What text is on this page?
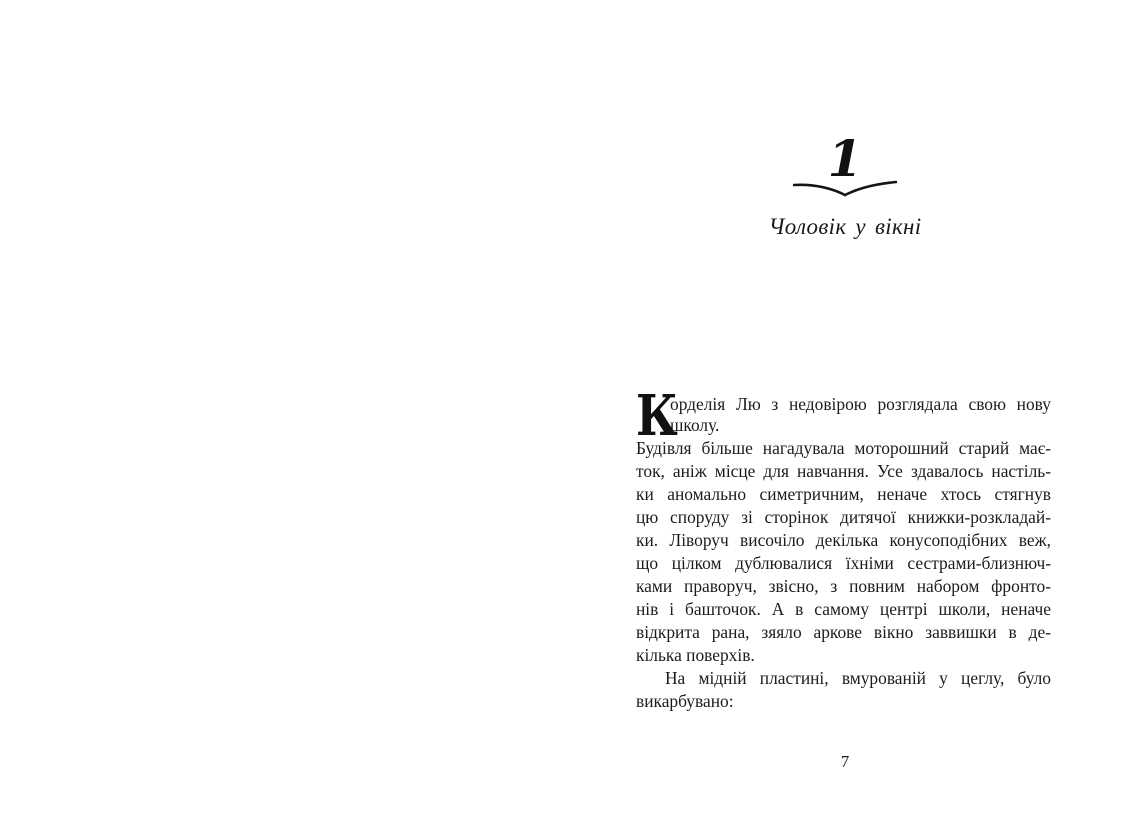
1
Чоловік у вікні
К
орделія Лю з недовірою розглядала свою нову
школу.
Будівля більше нагадувала моторошний старий має-
ток, аніж місце для навчання. Усе здавалось настіль-
ки аномально симетричним, неначе хтось стягнув
цю споруду зі сторінок дитячої книжки-розкладай-
ки. Ліворуч височіло декілька конусоподібних веж,
що цілком дублювалися їхніми сестрами-близнюч-
ками праворуч, звісно, з повним набором фронто-
нів і башточок. А в самому центрі школи, неначе
відкрита рана, зяяло аркове вікно заввишки в де-
кілька поверхів.
На мідній пластині, вмурованій у цеглу, було
викарбувано:
7
